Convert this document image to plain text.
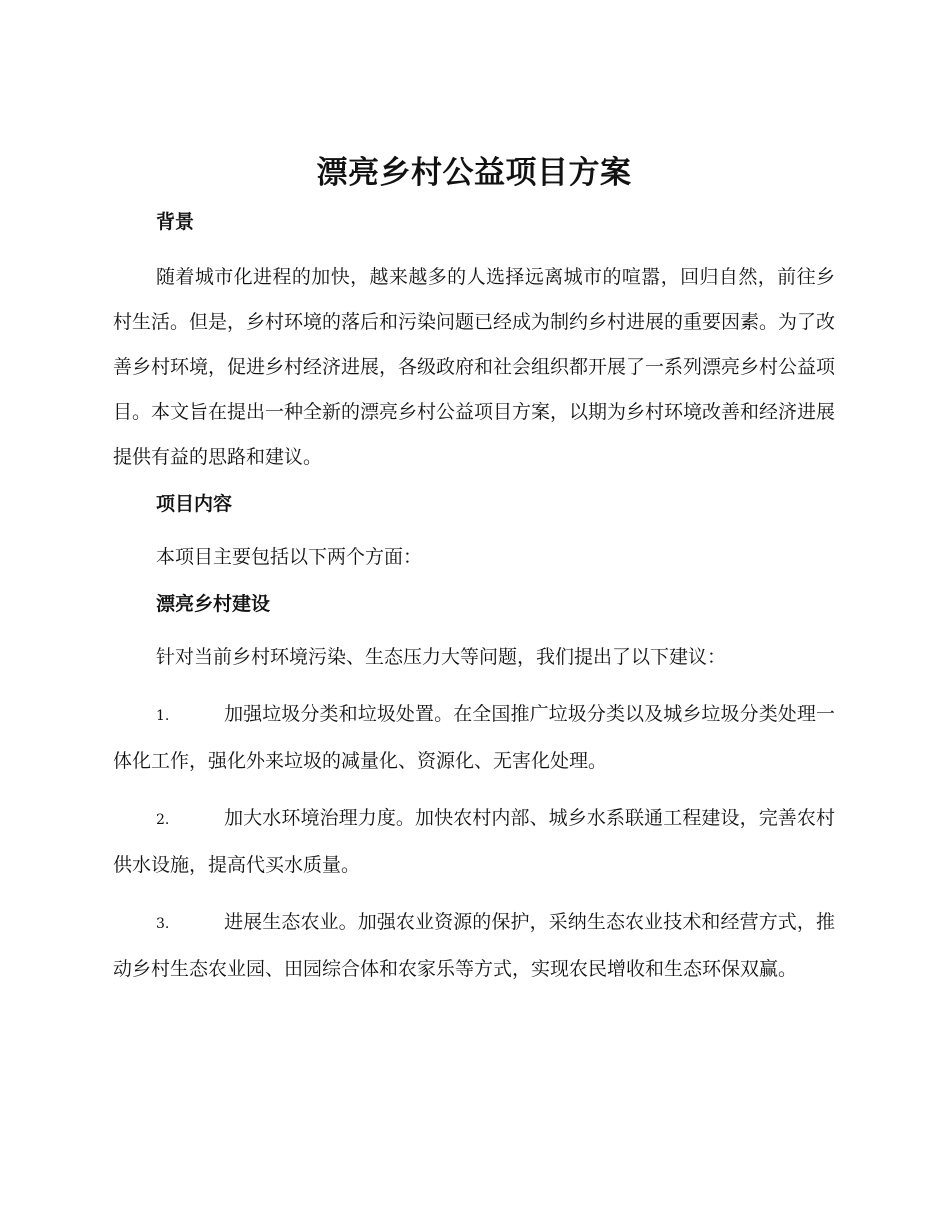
漂亮乡村公益项目方案
背景

随着城市化进程的加快，越来越多的人选择远离城市的喧嚣，回归自然，前往乡村生活。但是，乡村环境的落后和污染问题已经成为制约乡村进展的重要因素。为了改善乡村环境，促进乡村经济进展，各级政府和社会组织都开展了一系列漂亮乡村公益项目。本文旨在提出一种全新的漂亮乡村公益项目方案，以期为乡村环境改善和经济进展提供有益的思路和建议。

项目内容

本项目主要包括以下两个方面：

漂亮乡村建设

针对当前乡村环境污染、生态压力大等问题，我们提出了以下建议：

1.	加强垃圾分类和垃圾处置。在全国推广垃圾分类以及城乡垃圾分类处理一体化工作，强化外来垃圾的减量化、资源化、无害化处理。

2.	加大水环境治理力度。加快农村内部、城乡水系联通工程建设，完善农村供水设施，提高代买水质量。

3.	进展生态农业。加强农业资源的保护，采纳生态农业技术和经营方式，推动乡村生态农业园、田园综合体和农家乐等方式，实现农民增收和生态环保双赢。
